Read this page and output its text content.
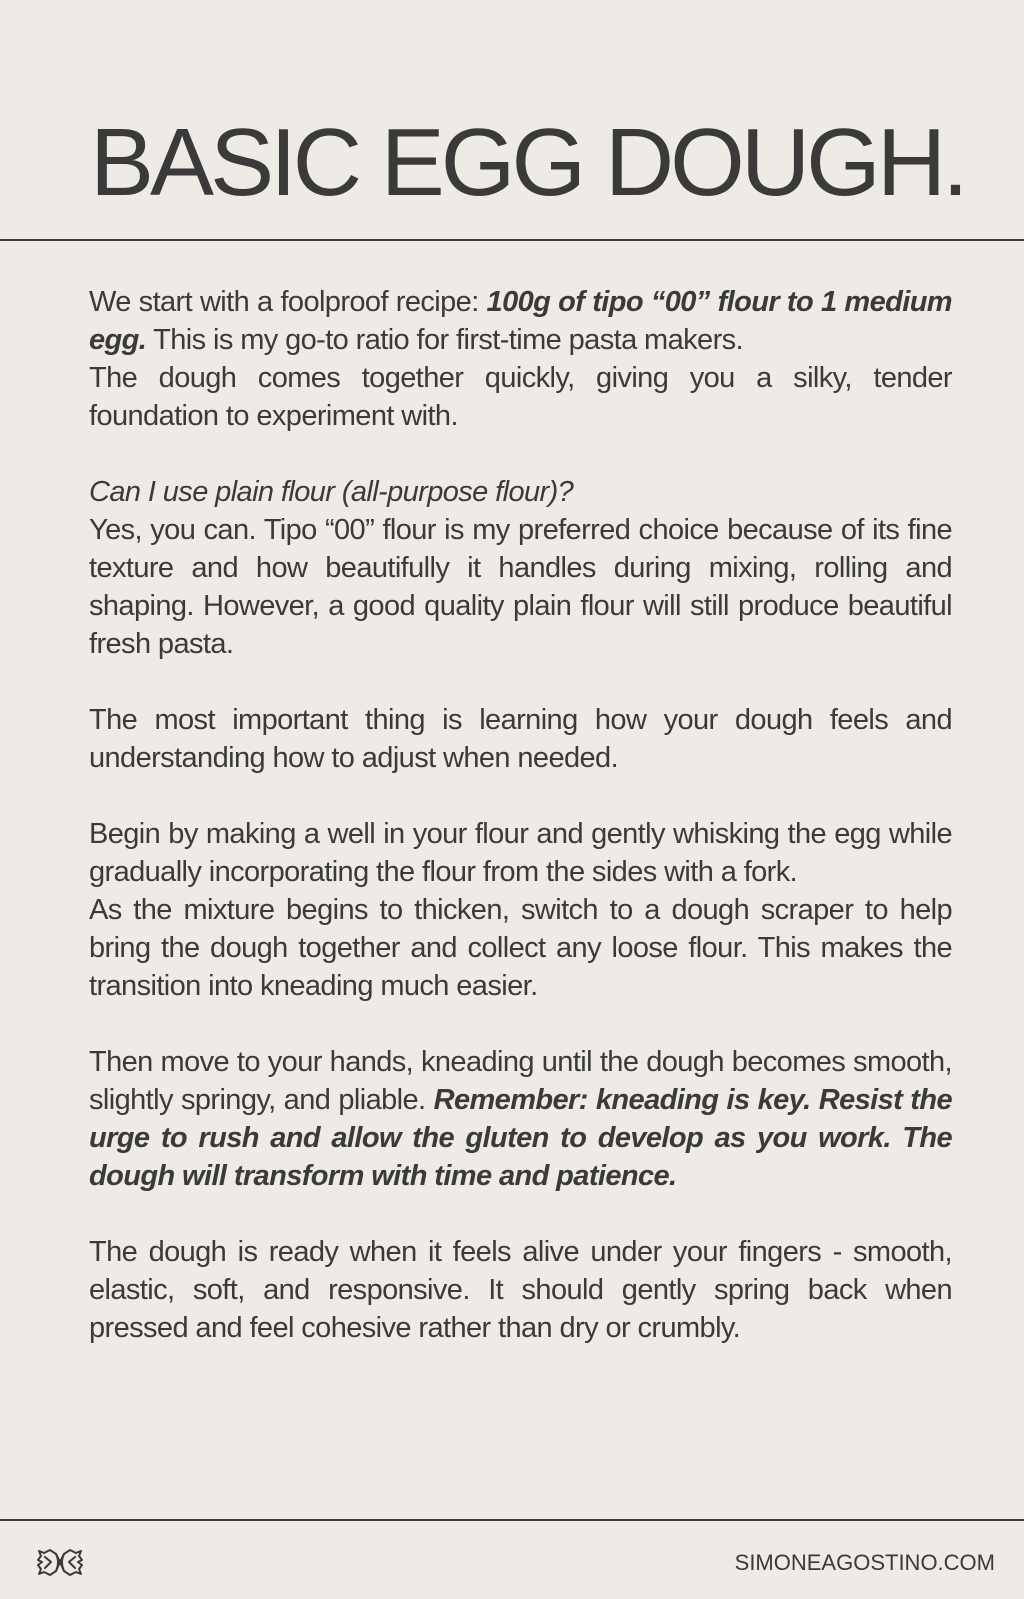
BASIC EGG DOUGH.

We start with a foolproof recipe: 100g of tipo “00” flour to 1 medium egg. This is my go-to ratio for first-time pasta makers.
The dough comes together quickly, giving you a silky, tender foundation to experiment with.

Can I use plain flour (all-purpose flour)?
Yes, you can. Tipo “00” flour is my preferred choice because of its fine texture and how beautifully it handles during mixing, rolling and shaping. However, a good quality plain flour will still produce beautiful fresh pasta.

The most important thing is learning how your dough feels and understanding how to adjust when needed.

Begin by making a well in your flour and gently whisking the egg while gradually incorporating the flour from the sides with a fork.
As the mixture begins to thicken, switch to a dough scraper to help bring the dough together and collect any loose flour. This makes the transition into kneading much easier.

Then move to your hands, kneading until the dough becomes smooth, slightly springy, and pliable. Remember: kneading is key. Resist the urge to rush and allow the gluten to develop as you work. The dough will transform with time and patience.

The dough is ready when it feels alive under your fingers - smooth, elastic, soft, and responsive. It should gently spring back when pressed and feel cohesive rather than dry or crumbly.

SIMONEAGOSTINO.COM
